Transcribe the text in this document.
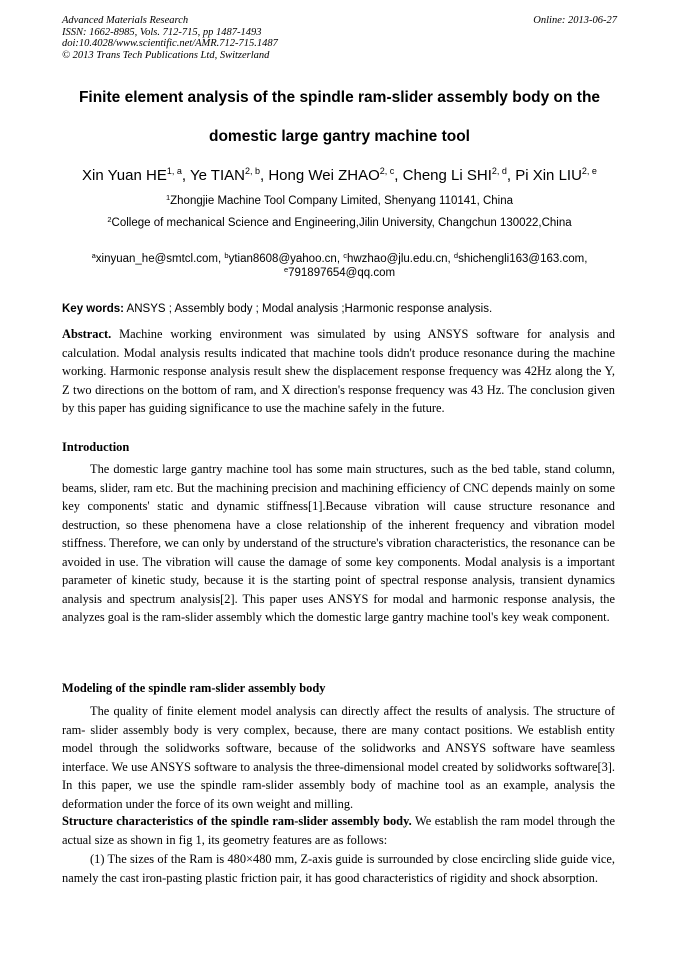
Advanced Materials Research
ISSN: 1662-8985, Vols. 712-715, pp 1487-1493
doi:10.4028/www.scientific.net/AMR.712-715.1487
© 2013 Trans Tech Publications Ltd, Switzerland
Online: 2013-06-27
Finite element analysis of the spindle ram-slider assembly body on the
domestic large gantry machine tool
Xin Yuan HE$^{1, a}$, Ye TIAN$^{2, b}$, Hong Wei ZHAO$^{2, c}$, Cheng Li SHI$^{2, d}$, Pi Xin LIU$^{2, e}$
$^1$Zhongjie Machine Tool Company Limited, Shenyang 110141, China
$^2$College of mechanical Science and Engineering,Jilin University, Changchun 130022,China
$^a$xinyuan_he@smtcl.com, $^b$ytian8608@yahoo.cn, $^c$hwzhao@jlu.edu.cn, $^d$shichengli163@163.com,
$^e$791897654@qq.com
Key words: ANSYS ; Assembly body ; Modal analysis ;Harmonic response analysis.
Abstract. Machine working environment was simulated by using ANSYS software for analysis and calculation. Modal analysis results indicated that machine tools didn't produce resonance during the machine working. Harmonic response analysis result shew the displacement response frequency was 42Hz along the Y, Z two directions on the bottom of ram, and X direction's response frequency was 43 Hz. The conclusion given by this paper has guiding significance to use the machine safely in the future.
Introduction
The domestic large gantry machine tool has some main structures, such as the bed table, stand column, beams, slider, ram etc. But the machining precision and machining efficiency of CNC depends mainly on some key components' static and dynamic stiffness[1].Because vibration will cause structure resonance and destruction, so these phenomena have a close relationship of the inherent frequency and vibration model stiffness. Therefore, we can only by understand of the structure's vibration characteristics, the resonance can be avoided in use. The vibration will cause the damage of some key components. Modal analysis is a important parameter of kinetic study, because it is the starting point of spectral response analysis, transient dynamics analysis and spectrum analysis[2]. This paper uses ANSYS for modal and harmonic response analysis, the analyzes goal is the ram-slider assembly which the domestic large gantry machine tool's key weak component.
Modeling of the spindle ram-slider assembly body
The quality of finite element model analysis can directly affect the results of analysis. The structure of ram- slider assembly body is very complex, because, there are many contact positions. We establish entity model through the solidworks software, because of the solidworks and ANSYS software have seamless interface. We use ANSYS software to analysis the three-dimensional model created by solidworks software[3]. In this paper, we use the spindle ram-slider assembly body of machine tool as an example, analysis the deformation under the force of its own weight and milling.
Structure characteristics of the spindle ram-slider assembly body. We establish the ram model through the actual size as shown in fig 1, its geometry features are as follows:
(1) The sizes of the Ram is 480×480 mm, Z-axis guide is surrounded by close encircling slide guide vice, namely the cast iron-pasting plastic friction pair, it has good characteristics of rigidity and shock absorption.
